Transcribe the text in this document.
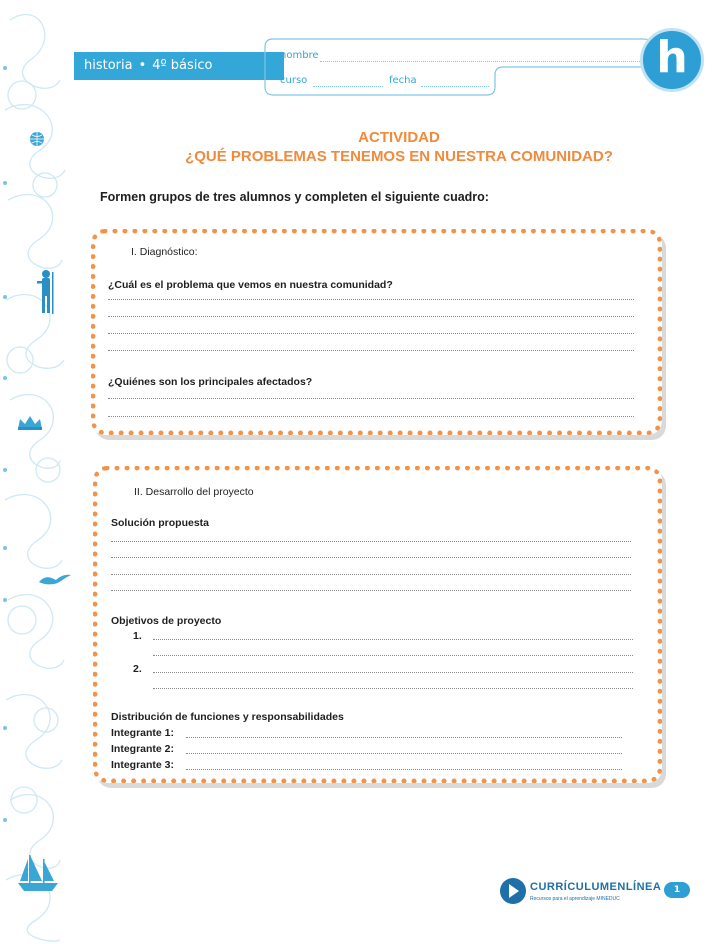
historia • 4º básico
nombre
curso	fecha	h
ACTIVIDAD
¿QUÉ PROBLEMAS TENEMOS EN NUESTRA COMUNIDAD?
Formen grupos de tres alumnos y completen el siguiente cuadro:
I. Diagnóstico:
¿Cuál es el problema que vemos en nuestra comunidad?
¿Quiénes son los principales afectados?
II. Desarrollo del proyecto
Solución propuesta
Objetivos de proyecto
1.
2.
Distribución de funciones y responsabilidades
Integrante 1:
Integrante 2:
Integrante 3:
CURRÍCULUMENLÍNEA
Recursos para el aprendizaje MINEDUC
1
